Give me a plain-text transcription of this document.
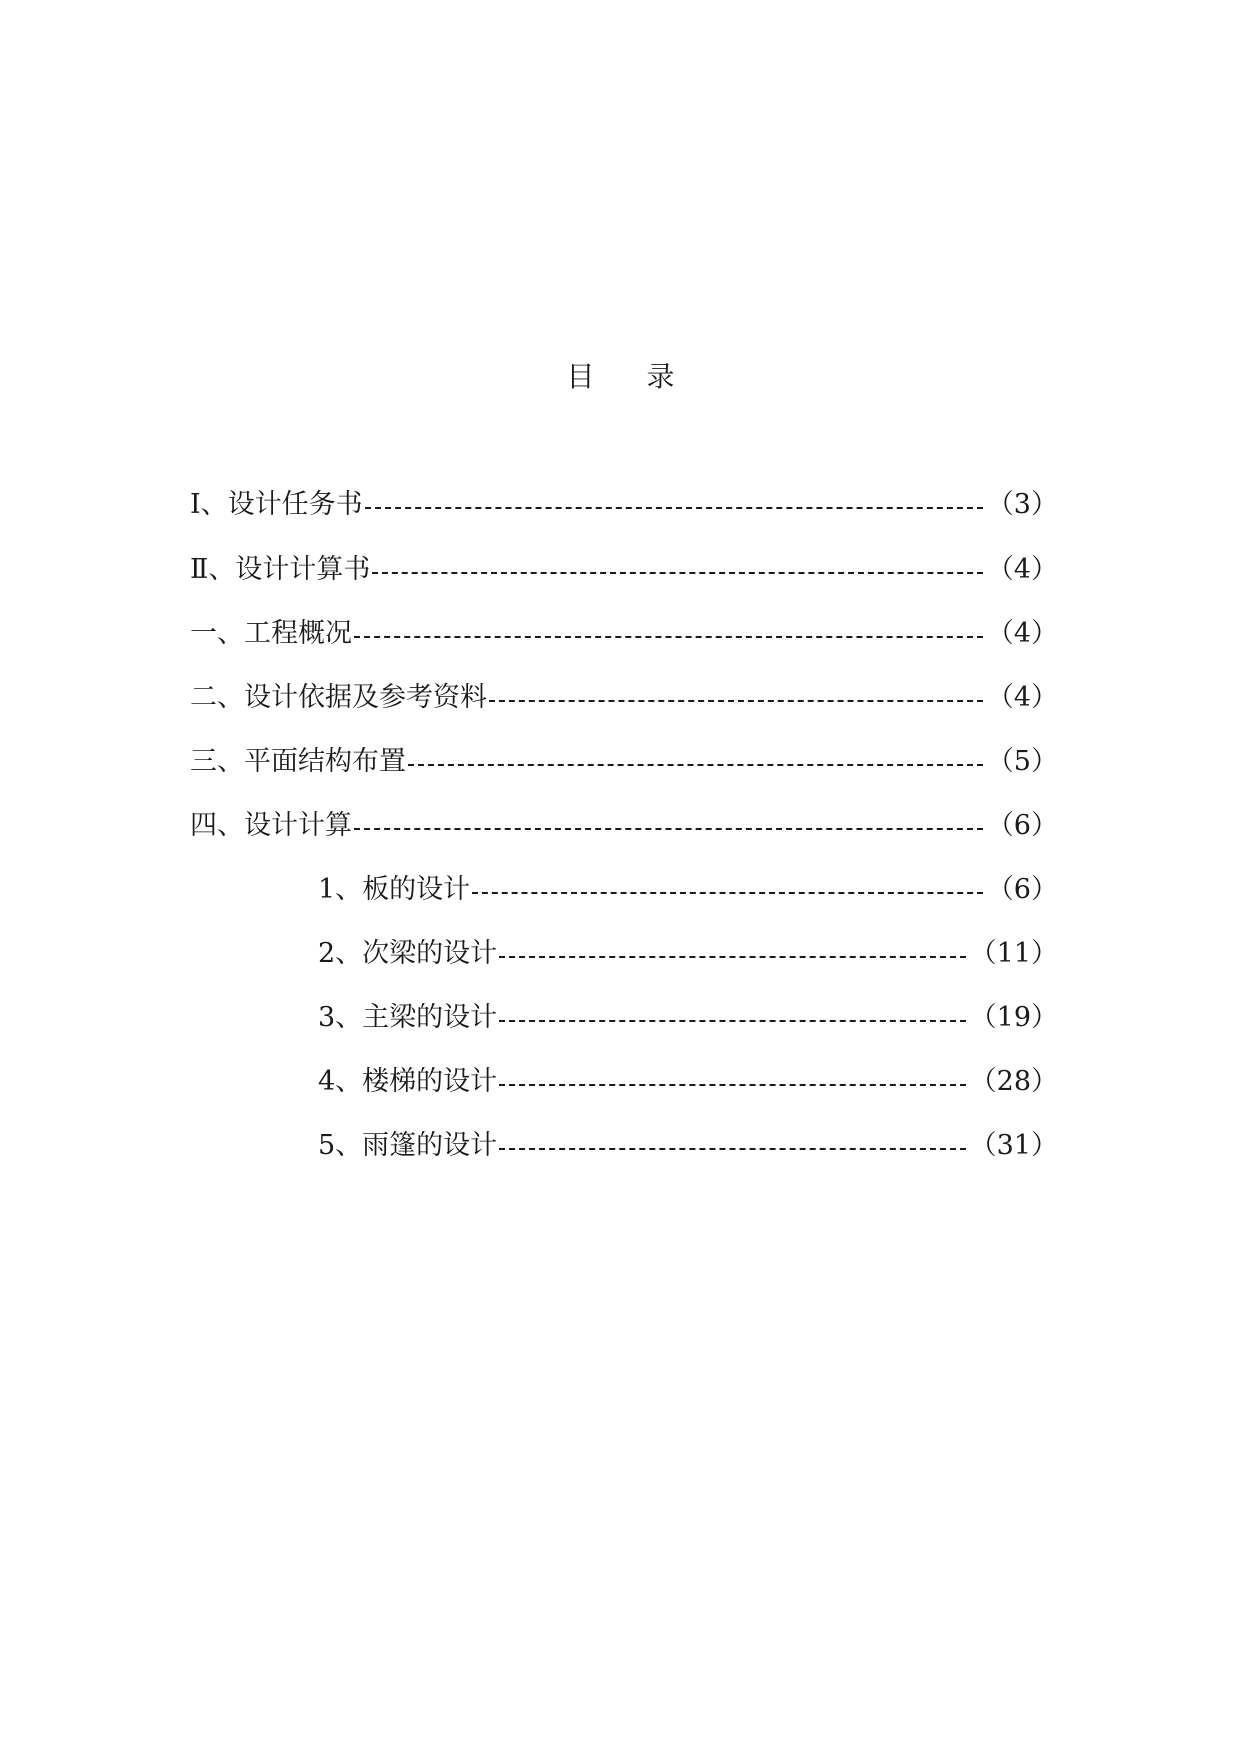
目 录
Ⅰ、设计任务书	（3）
Ⅱ、设计计算书	（4）
一、工程概况	（4）
二、设计依据及参考资料	（4）
三、平面结构布置	（5）
四、设计计算	（6）
1、板的设计	（6）
2、次梁的设计	（11）
3、主梁的设计	（19）
4、楼梯的设计	（28）
5、雨篷的设计	（31）
